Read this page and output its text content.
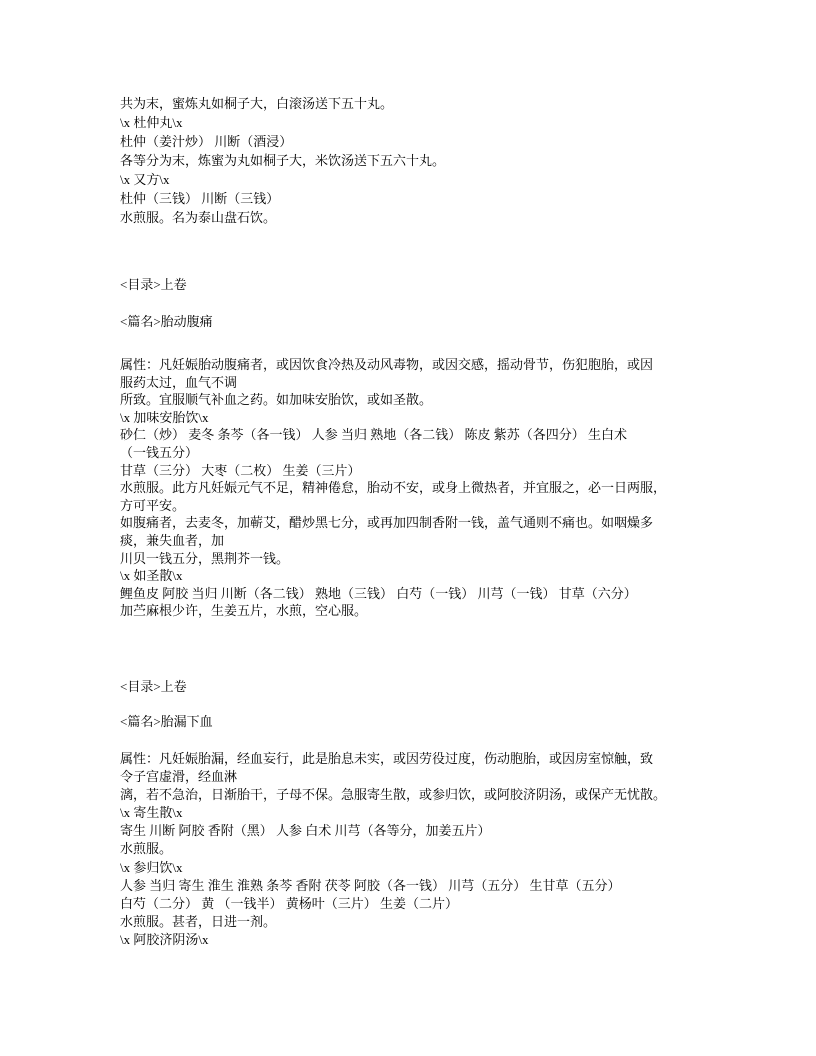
共为末，蜜炼丸如桐子大，白滚汤送下五十丸。
\x 杜仲丸\x
杜仲（姜汁炒） 川断（酒浸）
各等分为末，炼蜜为丸如桐子大，米饮汤送下五六十丸。
\x 又方\x
杜仲（三钱） 川断（三钱）
水煎服。名为泰山盘石饮。
<目录>上卷
<篇名>胎动腹痛
属性：凡妊娠胎动腹痛者，或因饮食冷热及动风毒物，或因交感，摇动骨节，伤犯胞胎，或因
服药太过，血气不调
所致。宜服顺气补血之药。如加味安胎饮，或如圣散。
\x 加味安胎饮\x
砂仁（炒） 麦冬 条芩（各一钱） 人参 当归 熟地（各二钱） 陈皮 紫苏（各四分） 生白术
（一钱五分）
甘草（三分） 大枣（二枚） 生姜（三片）
水煎服。此方凡妊娠元气不足，精神倦怠，胎动不安，或身上微热者，并宜服之，必一日两服，
方可平安。
如腹痛者，去麦冬，加蕲艾，醋炒黑七分，或再加四制香附一钱，盖气通则不痛也。如咽燥多
痰，兼失血者，加
川贝一钱五分，黑荆芥一钱。
\x 如圣散\x
鲤鱼皮 阿胶 当归 川断（各二钱） 熟地（三钱） 白芍（一钱） 川芎（一钱） 甘草（六分）
加苎麻根少许，生姜五片，水煎，空心服。
<目录>上卷
<篇名>胎漏下血
属性：凡妊娠胎漏，经血妄行，此是胎息未实，或因劳役过度，伤动胞胎，或因房室惊触，致
令子宫虚滑，经血淋
漓，若不急治，日渐胎干，子母不保。急服寄生散，或参归饮，或阿胶济阴汤，或保产无忧散。
\x 寄生散\x
寄生 川断 阿胶 香附（黑） 人参 白术 川芎（各等分，加姜五片）
水煎服。
\x 参归饮\x
人参 当归 寄生 淮生 淮熟 条芩 香附 茯苓 阿胶（各一钱） 川芎（五分） 生甘草（五分）
白芍（二分） 黄 （一钱半） 黄杨叶（三片） 生姜（二片）
水煎服。甚者，日进一剂。
\x 阿胶济阴汤\x
